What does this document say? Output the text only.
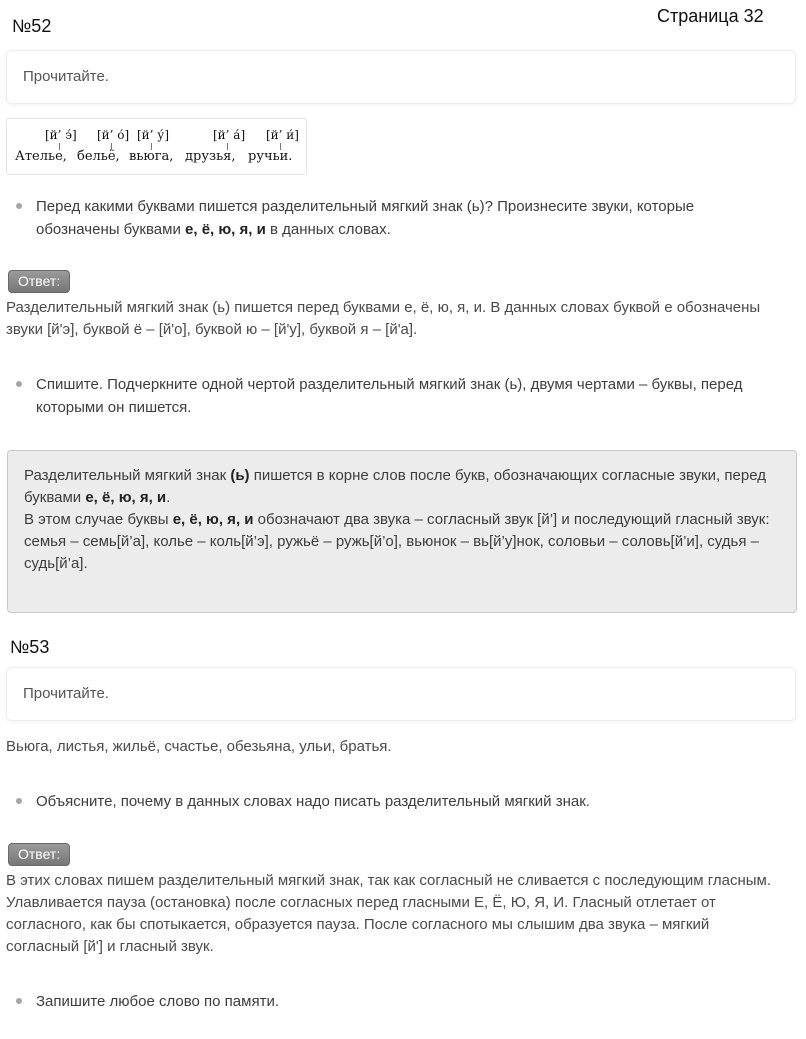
№52	Страница 32
Прочитайте.
[й’ э́] [й’ о́] [й’ у́]	[й’ а́] [й’ и́]
Ателье, бельё, вьюга, друзья, ручьи.
Перед какими буквами пишется разделительный мягкий знак (ь)? Произнесите звуки, которые обозначены буквами е, ё, ю, я, и в данных словах.
Ответ:
Разделительный мягкий знак (ь) пишется перед буквами е, ё, ю, я, и. В данных словах буквой е обозначены звуки [й'э], буквой ё – [й'о], буквой ю – [й'у], буквой я – [й'а].
Спишите. Подчеркните одной чертой разделительный мягкий знак (ь), двумя чертами – буквы, перед которыми он пишется.
Разделительный мягкий знак (ь) пишется в корне слов после букв, обозначающих согласные звуки, перед буквами е, ё, ю, я, и.
В этом случае буквы е, ё, ю, я, и обозначают два звука – согласный звук [й’] и последующий гласный звук:
семья – семь[й’а], колье – коль[й’э], ружьё – ружь[й’о], вьюнок – вь[й’у]нок, соловьи – соловь[й’и], судья – судь[й’а].
№53
Прочитайте.
Вьюга, листья, жильё, счастье, обезьяна, ульи, братья.
Объясните, почему в данных словах надо писать разделительный мягкий знак.
Ответ:
В этих словах пишем разделительный мягкий знак, так как согласный не сливается с последующим гласным. Улавливается пауза (остановка) после согласных перед гласными Е, Ё, Ю, Я, И. Гласный отлетает от согласного, как бы спотыкается, образуется пауза. После согласного мы слышим два звука – мягкий согласный [й'] и гласный звук.
Запишите любое слово по памяти.
